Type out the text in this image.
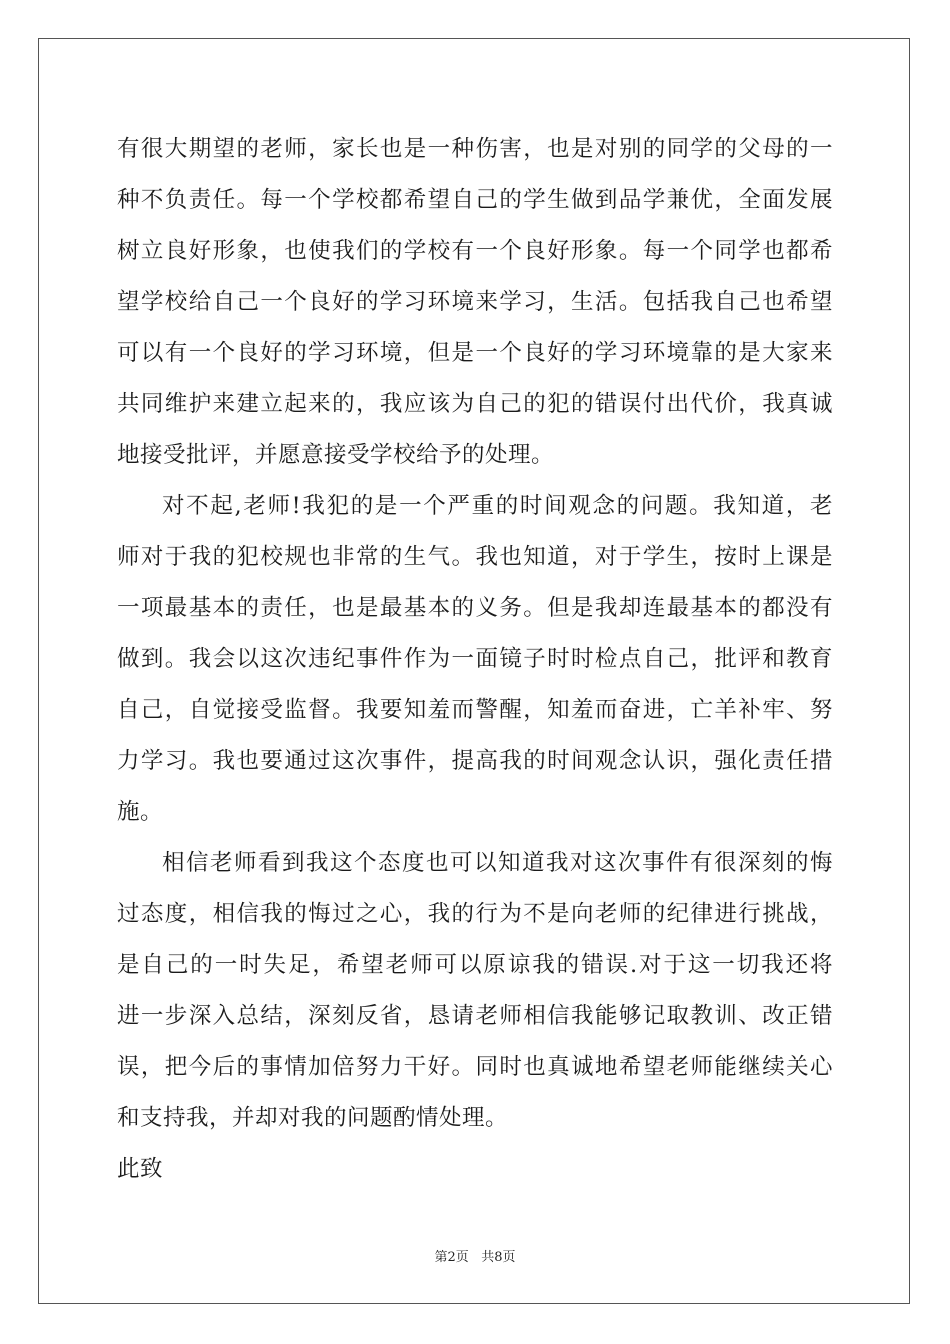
有很大期望的老师，家长也是一种伤害，也是对别的同学的父母的一
种不负责任。每一个学校都希望自己的学生做到品学兼优，全面发展
树立良好形象，也使我们的学校有一个良好形象。每一个同学也都希
望学校给自己一个良好的学习环境来学习，生活。包括我自己也希望
可以有一个良好的学习环境，但是一个良好的学习环境靠的是大家来
共同维护来建立起来的，我应该为自己的犯的错误付出代价，我真诚
地接受批评，并愿意接受学校给予的处理。
对不起,老师!我犯的是一个严重的时间观念的问题。我知道，老
师对于我的犯校规也非常的生气。我也知道，对于学生，按时上课是
一项最基本的责任，也是最基本的义务。但是我却连最基本的都没有
做到。我会以这次违纪事件作为一面镜子时时检点自己，批评和教育
自己，自觉接受监督。我要知羞而警醒，知羞而奋进，亡羊补牢、努
力学习。我也要通过这次事件，提高我的时间观念认识，强化责任措
施。
相信老师看到我这个态度也可以知道我对这次事件有很深刻的悔
过态度，相信我的悔过之心，我的行为不是向老师的纪律进行挑战，
是自己的一时失足，希望老师可以原谅我的错误.对于这一切我还将
进一步深入总结，深刻反省，恳请老师相信我能够记取教训、改正错
误，把今后的事情加倍努力干好。同时也真诚地希望老师能继续关心
和支持我，并却对我的问题酌情处理。
此致
第2页 共8页
